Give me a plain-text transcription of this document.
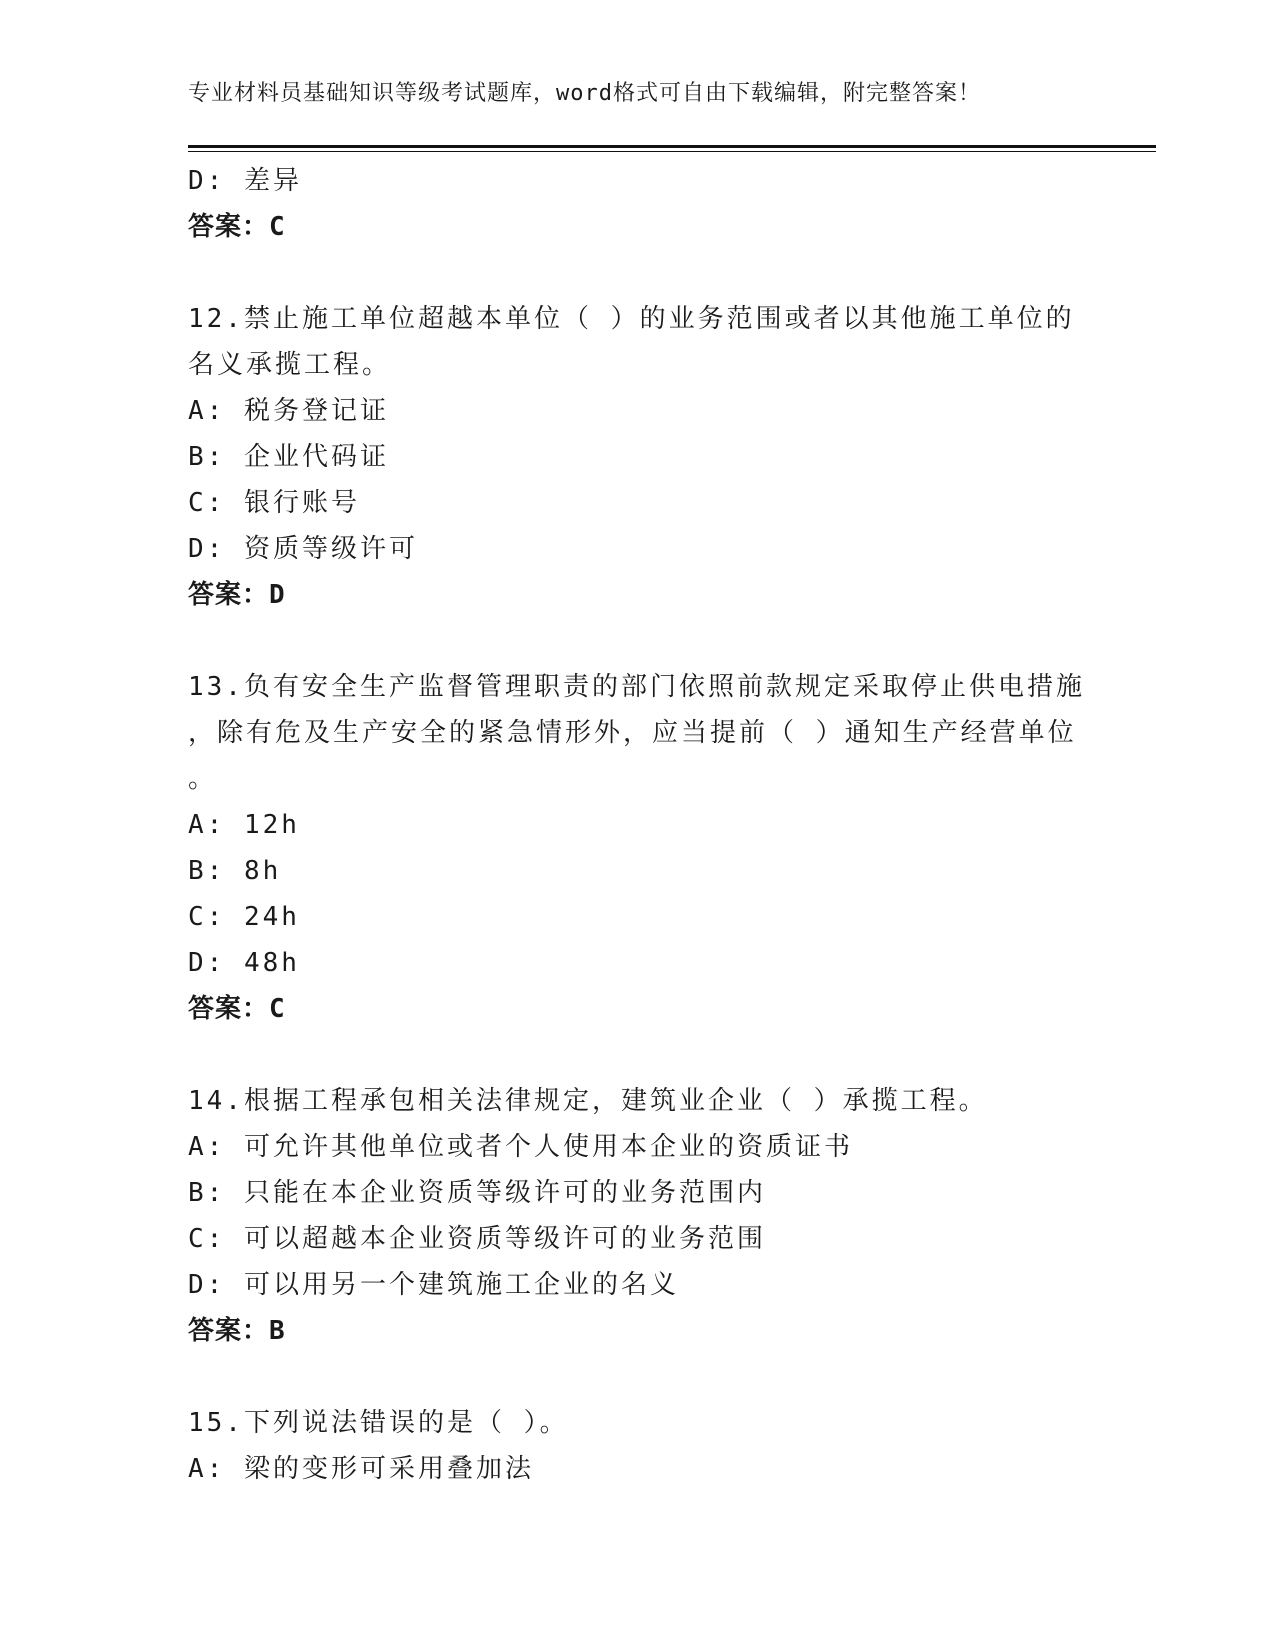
专业材料员基础知识等级考试题库，word格式可自由下载编辑，附完整答案！
D: 差异
答案：C
12.禁止施工单位超越本单位（ ）的业务范围或者以其他施工单位的
名义承揽工程。
A: 税务登记证
B: 企业代码证
C: 银行账号
D: 资质等级许可
答案：D
13.负有安全生产监督管理职责的部门依照前款规定采取停止供电措施
，除有危及生产安全的紧急情形外，应当提前（ ）通知生产经营单位
。
A: 12h
B: 8h
C: 24h
D: 48h
答案：C
14.根据工程承包相关法律规定，建筑业企业（ ）承揽工程。
A: 可允许其他单位或者个人使用本企业的资质证书
B: 只能在本企业资质等级许可的业务范围内
C: 可以超越本企业资质等级许可的业务范围
D: 可以用另一个建筑施工企业的名义
答案：B
15.下列说法错误的是（ ）。
A: 梁的变形可采用叠加法
